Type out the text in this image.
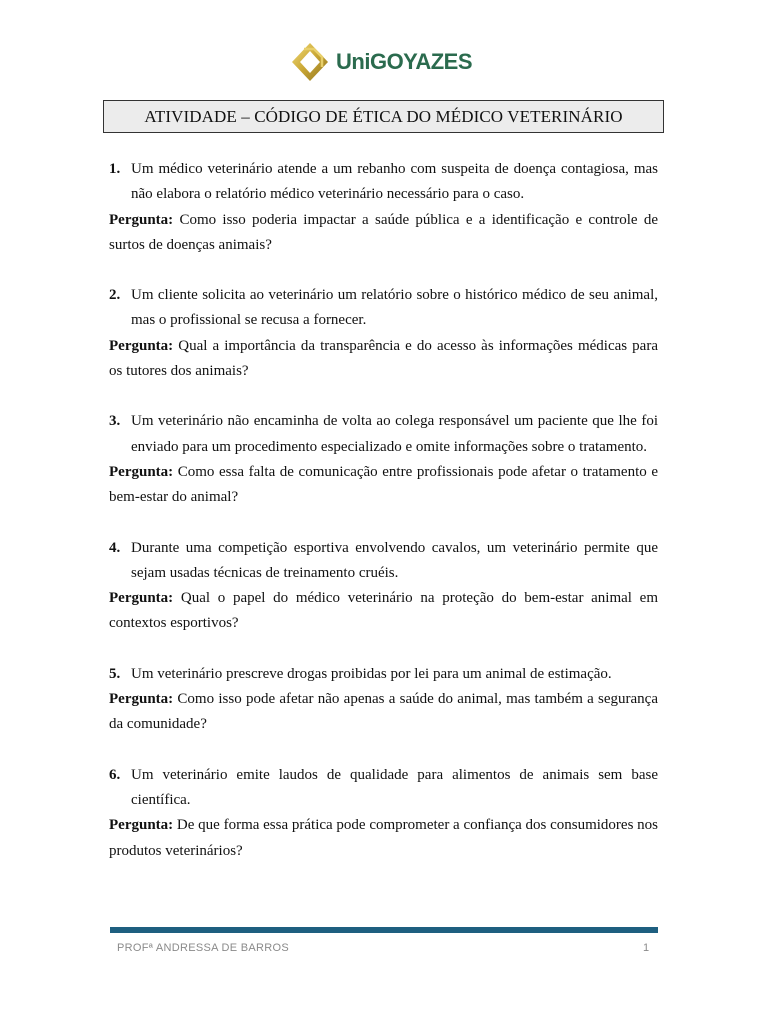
Uni GOYAZES
ATIVIDADE – CÓDIGO DE ÉTICA DO MÉDICO VETERINÁRIO
1. Um médico veterinário atende a um rebanho com suspeita de doença contagiosa, mas não elabora o relatório médico veterinário necessário para o caso.
Pergunta: Como isso poderia impactar a saúde pública e a identificação e controle de surtos de doenças animais?
2. Um cliente solicita ao veterinário um relatório sobre o histórico médico de seu animal, mas o profissional se recusa a fornecer.
Pergunta: Qual a importância da transparência e do acesso às informações médicas para os tutores dos animais?
3. Um veterinário não encaminha de volta ao colega responsável um paciente que lhe foi enviado para um procedimento especializado e omite informações sobre o tratamento.
Pergunta: Como essa falta de comunicação entre profissionais pode afetar o tratamento e bem-estar do animal?
4. Durante uma competição esportiva envolvendo cavalos, um veterinário permite que sejam usadas técnicas de treinamento cruéis.
Pergunta: Qual o papel do médico veterinário na proteção do bem-estar animal em contextos esportivos?
5. Um veterinário prescreve drogas proibidas por lei para um animal de estimação.
Pergunta: Como isso pode afetar não apenas a saúde do animal, mas também a segurança da comunidade?
6. Um veterinário emite laudos de qualidade para alimentos de animais sem base científica.
Pergunta: De que forma essa prática pode comprometer a confiança dos consumidores nos produtos veterinários?
PROFª ANDRESSA DE BARROS	1
